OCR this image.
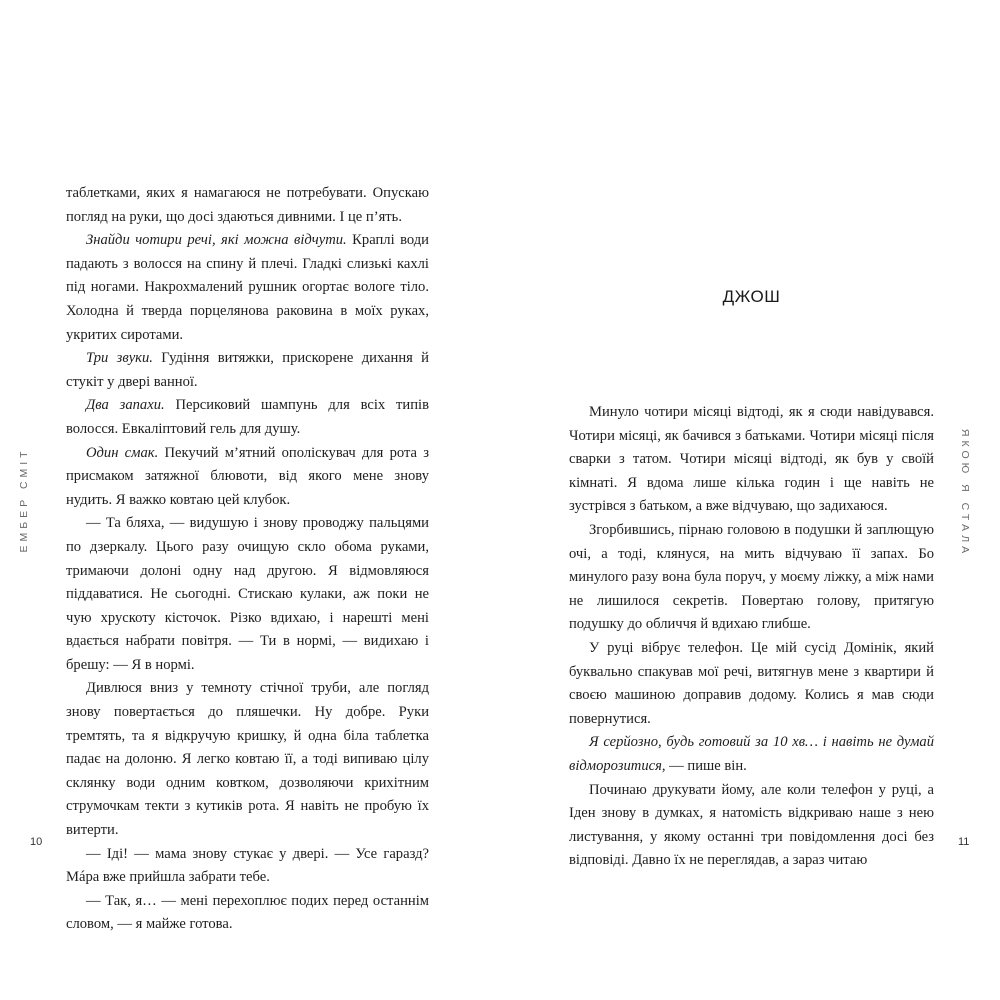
ЕМБЕР СМІТ

таблетками, яких я намагаюся не потребувати. Опускаю погляд на руки, що досі здаються дивними. І це п’ять.

Знайди чотири речі, які можна відчути. Краплі води падають з волосся на спину й плечі. Гладкі слизькі кахлі під ногами. Накрохмалений рушник огортає вологе тіло. Холодна й тверда порцелянова раковина в моїх руках, укритих сиротами.

Три звуки. Гудіння витяжки, прискорене дихання й стукіт у двері ванної.

Два запахи. Персиковий шампунь для всіх типів волосся. Евкаліптовий гель для душу.

Один смак. Пекучий м’ятний ополіскувач для рота з присмаком затяжної блювоти, від якого мене знову нудить. Я важко ковтаю цей клубок.

— Та бляха, — видушую і знову проводжу пальцями по дзеркалу. Цього разу очищую скло обома руками, тримаючи долоні одну над другою. Я відмовляюся піддаватися. Не сьогодні. Стискаю кулаки, аж поки не чую хрускоту кісточок. Різко вдихаю, і нарешті мені вдається набрати повітря. — Ти в нормі, — видихаю і брешу: — Я в нормі.

Дивлюся вниз у темноту стічної труби, але погляд знову повертається до пляшечки. Ну добре. Руки тремтять, та я відкручую кришку, й одна біла таблетка падає на долоню. Я легко ковтаю її, а тоді випиваю цілу склянку води одним ковтком, дозволяючи крихітним струмочкам текти з кутиків рота. Я навіть не пробую їх витерти.

— Іді! — мама знову стукає у двері. — Усе гаразд? Мáра вже прийшла забрати тебе.

— Так, я… — мені перехоплює подих перед останнім словом, — я майже готова.

10
ДЖОШ

Минуло чотири місяці відтоді, як я сюди навідувався. Чотири місяці, як бачився з батьками. Чотири місяці після сварки з татом. Чотири місяці відтоді, як був у своїй кімнаті. Я вдома лише кілька годин і ще навіть не зустрівся з батьком, а вже відчуваю, що задихаюся.

Згорбившись, пірнаю головою в подушки й заплющую очі, а тоді, клянуся, на мить відчуваю її запах. Бо минулого разу вона була поруч, у моєму ліжку, а між нами не лишилося секретів. Повертаю голову, притягую подушку до обличчя й вдихаю глибше.

У руці вібрує телефон. Це мій сусід Домінік, який буквально спакував мої речі, витягнув мене з квартири й своєю машиною доправив додому. Колись я мав сюди повернутися.

Я серйозно, будь готовий за 10 хв… і навіть не думай відморозитися, — пише він.

Починаю друкувати йому, але коли телефон у руці, а Іден знову в думках, я натомість відкриваю наше з нею листування, у якому останні три повідомлення досі без відповіді. Давно їх не переглядав, а зараз читаю

ЯКОЮ Я СТАЛА
11
